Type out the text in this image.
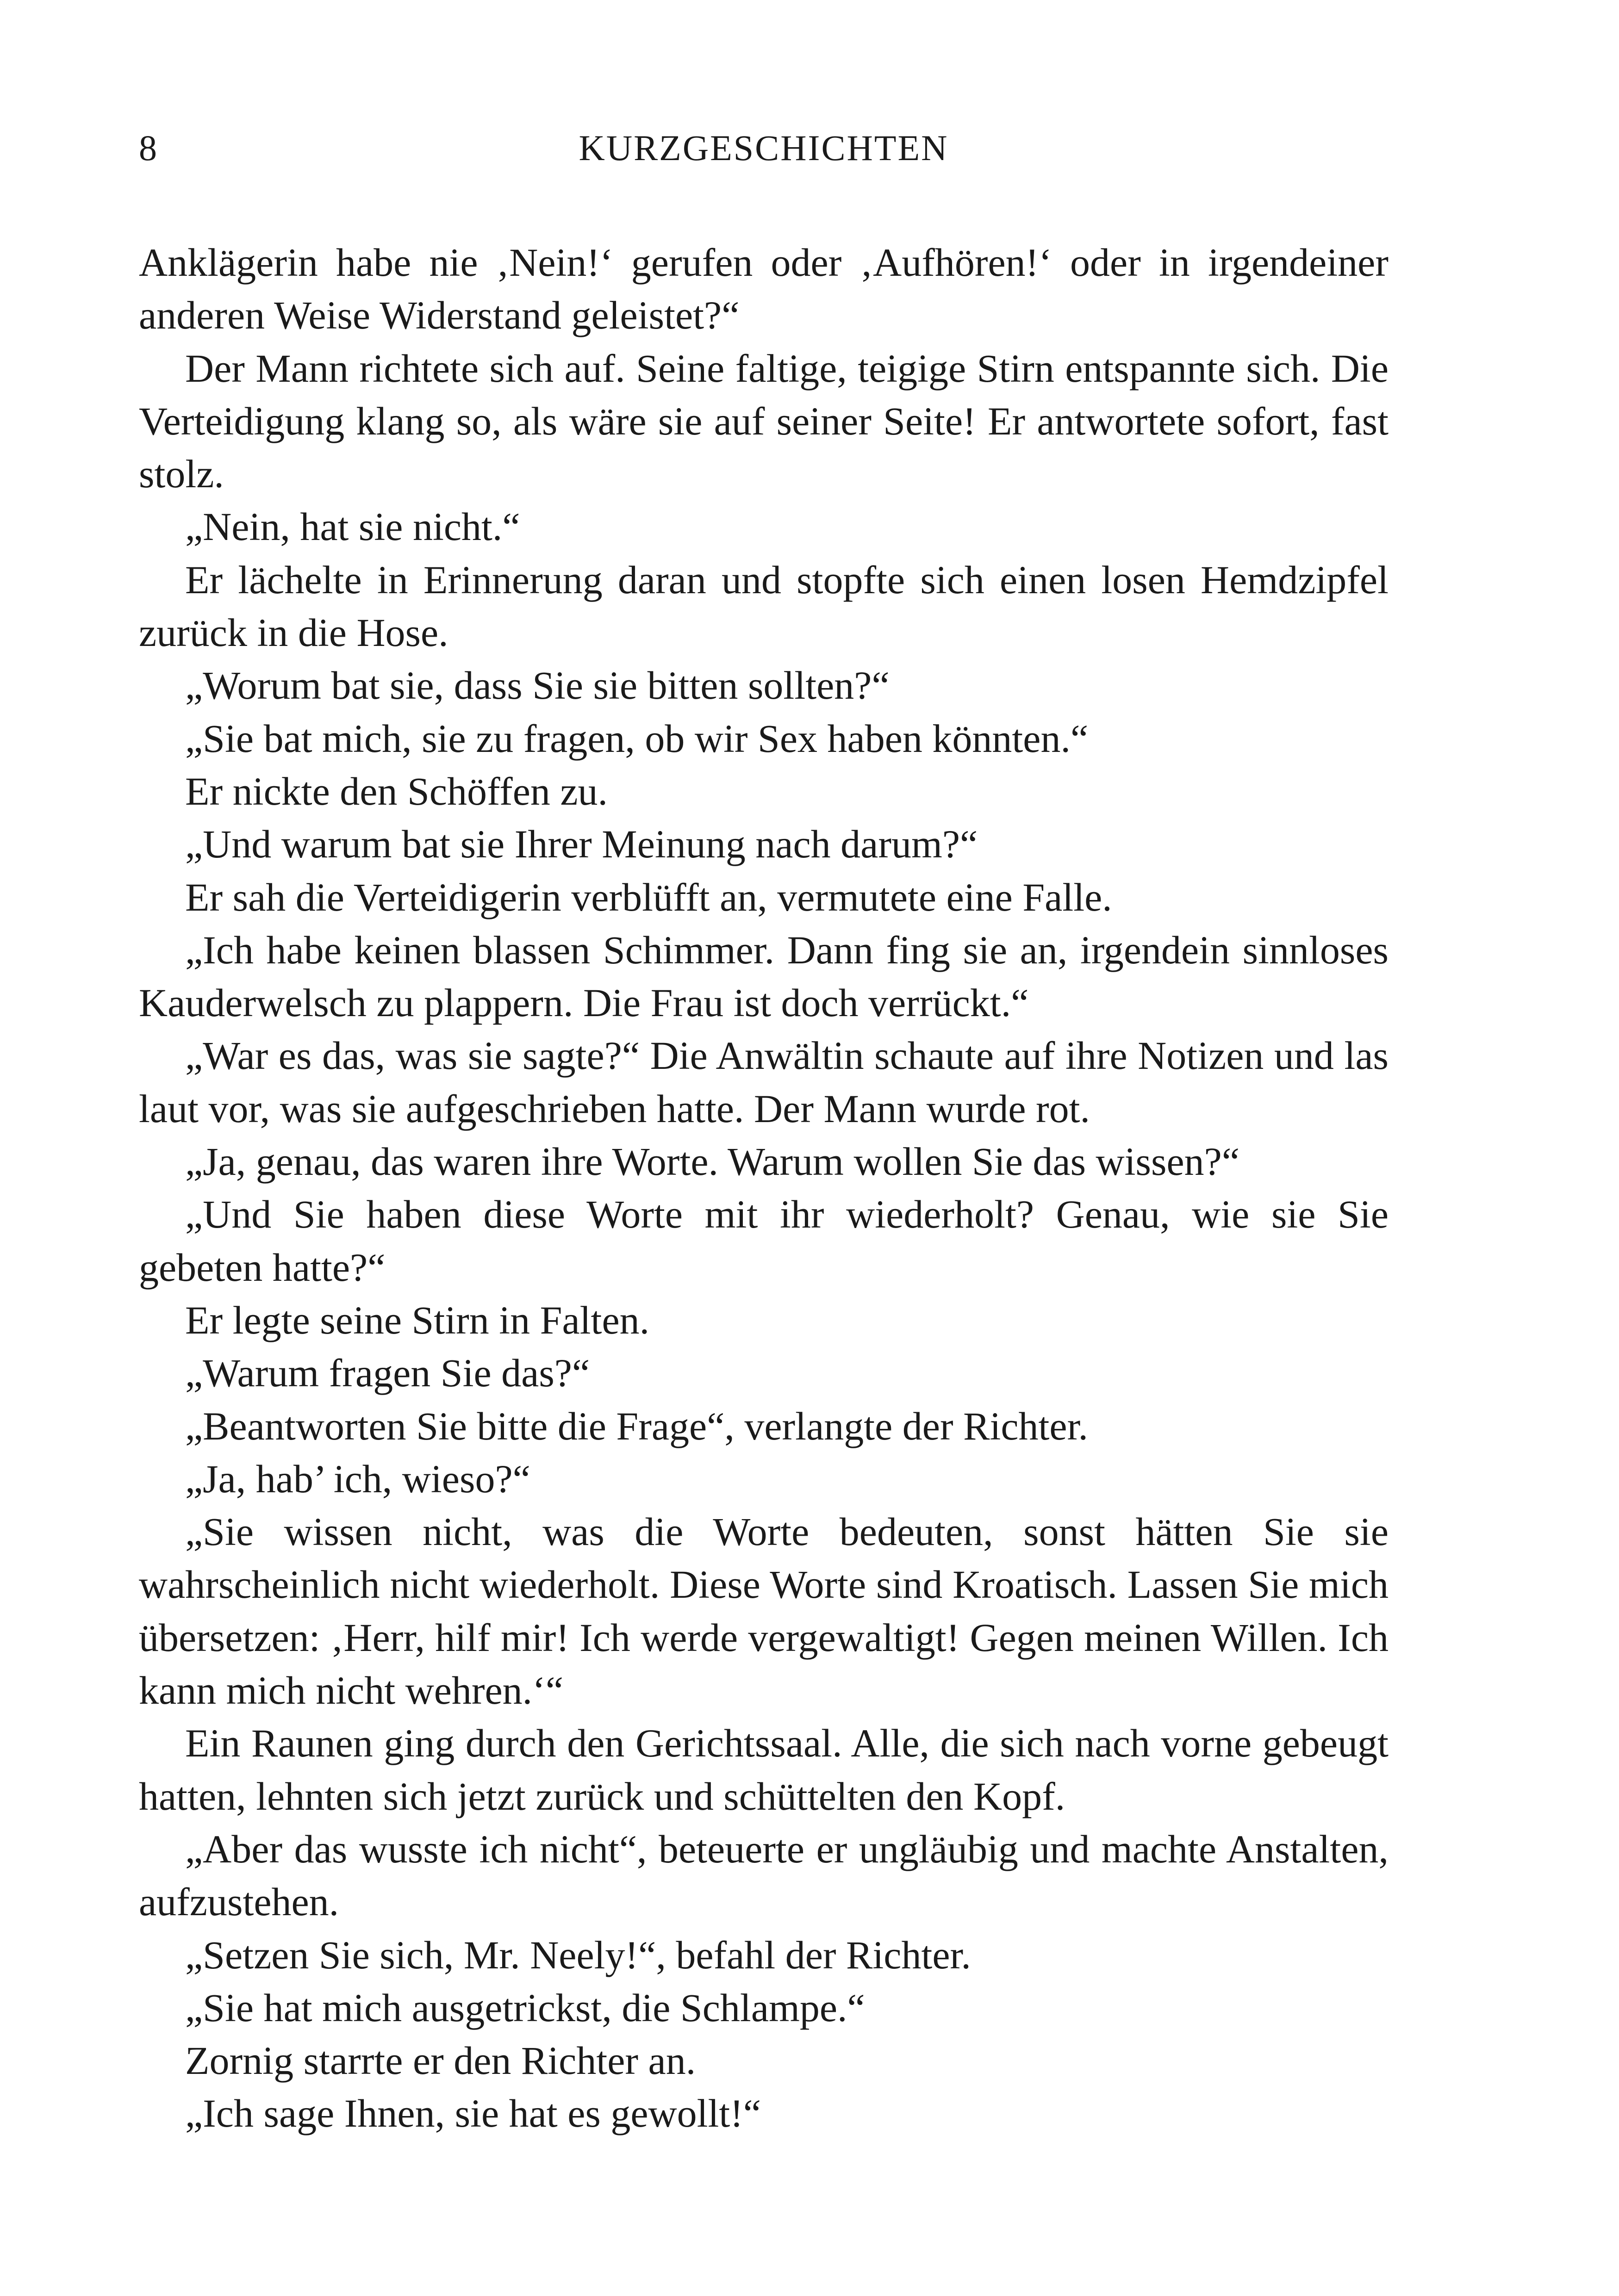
8	KURZGESCHICHTEN

Anklägerin habe nie ‚Nein!‘ gerufen oder ‚Aufhören!‘ oder in irgendeiner anderen Weise Widerstand geleistet?“

Der Mann richtete sich auf. Seine faltige, teigige Stirn entspannte sich. Die Verteidigung klang so, als wäre sie auf seiner Seite! Er antwortete sofort, fast stolz.

„Nein, hat sie nicht.“

Er lächelte in Erinnerung daran und stopfte sich einen losen Hemdzipfel zurück in die Hose.

„Worum bat sie, dass Sie sie bitten sollten?“

„Sie bat mich, sie zu fragen, ob wir Sex haben könnten.“

Er nickte den Schöffen zu.

„Und warum bat sie Ihrer Meinung nach darum?“

Er sah die Verteidigerin verblüfft an, vermutete eine Falle.

„Ich habe keinen blassen Schimmer. Dann fing sie an, irgendein sinnloses Kauderwelsch zu plappern. Die Frau ist doch verrückt.“

„War es das, was sie sagte?“ Die Anwältin schaute auf ihre Notizen und las laut vor, was sie aufgeschrieben hatte. Der Mann wurde rot.

„Ja, genau, das waren ihre Worte. Warum wollen Sie das wissen?“

„Und Sie haben diese Worte mit ihr wiederholt? Genau, wie sie Sie gebeten hatte?“

Er legte seine Stirn in Falten.

„Warum fragen Sie das?“

„Beantworten Sie bitte die Frage“, verlangte der Richter.

„Ja, hab’ ich, wieso?“

„Sie wissen nicht, was die Worte bedeuten, sonst hätten Sie sie wahrscheinlich nicht wiederholt. Diese Worte sind Kroatisch. Lassen Sie mich übersetzen: ‚Herr, hilf mir! Ich werde vergewaltigt! Gegen meinen Willen. Ich kann mich nicht wehren.‘“

Ein Raunen ging durch den Gerichtssaal. Alle, die sich nach vorne gebeugt hatten, lehnten sich jetzt zurück und schüttelten den Kopf.

„Aber das wusste ich nicht“, beteuerte er ungläubig und machte Anstalten, aufzustehen.

„Setzen Sie sich, Mr. Neely!“, befahl der Richter.

„Sie hat mich ausgetrickst, die Schlampe.“

Zornig starrte er den Richter an.

„Ich sage Ihnen, sie hat es gewollt!“
